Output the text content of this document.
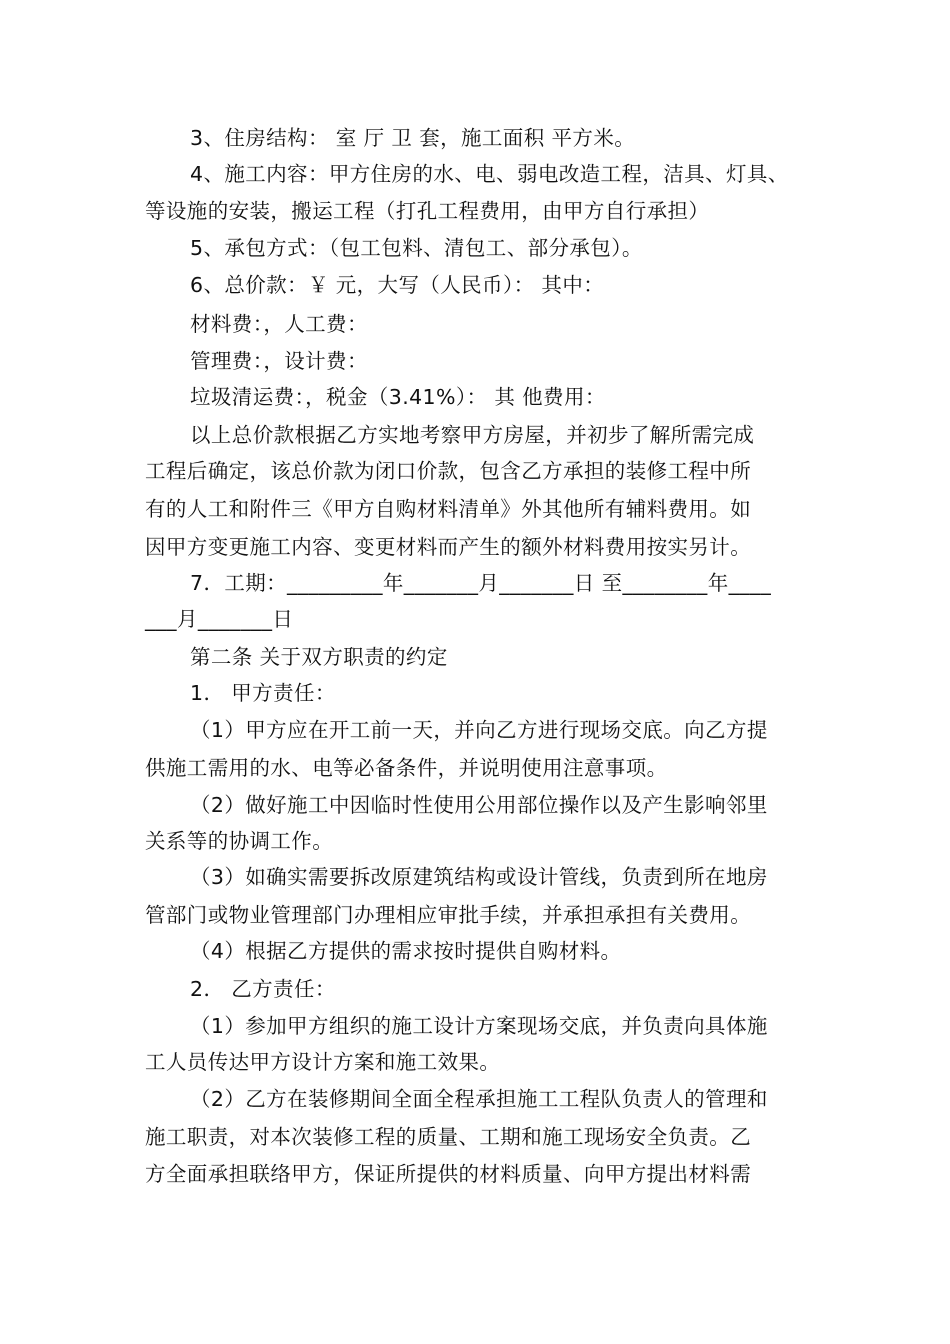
3、住房结构： 室 厅 卫 套，施工面积 平方米。
4、施工内容：甲方住房的水、电、弱电改造工程，洁具、灯具、
等设施的安装，搬运工程（打孔工程费用，由甲方自行承担）
5、承包方式：（包工包料、清包工、部分承包）。
6、总价款：￥ 元，大写（人民币）： 其中：
材料费：，人工费：
管理费：，设计费：
垃圾清运费：，税金（3.41%）： 其 他费用：
以上总价款根据乙方实地考察甲方房屋，并初步了解所需完成
工程后确定，该总价款为闭口价款，包含乙方承担的装修工程中所
有的人工和附件三《甲方自购材料清单》外其他所有辅料费用。如
因甲方变更施工内容、变更材料而产生的额外材料费用按实另计。
7．工期：_________年_______月_______日 至________年____
___月_______日
第二条 关于双方职责的约定
1． 甲方责任：
（1）甲方应在开工前一天，并向乙方进行现场交底。向乙方提
供施工需用的水、电等必备条件，并说明使用注意事项。
（2）做好施工中因临时性使用公用部位操作以及产生影响邻里
关系等的协调工作。
（3）如确实需要拆改原建筑结构或设计管线，负责到所在地房
管部门或物业管理部门办理相应审批手续，并承担承担有关费用。
（4）根据乙方提供的需求按时提供自购材料。
2． 乙方责任：
（1）参加甲方组织的施工设计方案现场交底，并负责向具体施
工人员传达甲方设计方案和施工效果。
（2）乙方在装修期间全面全程承担施工工程队负责人的管理和
施工职责，对本次装修工程的质量、工期和施工现场安全负责。乙
方全面承担联络甲方，保证所提供的材料质量、向甲方提出材料需
